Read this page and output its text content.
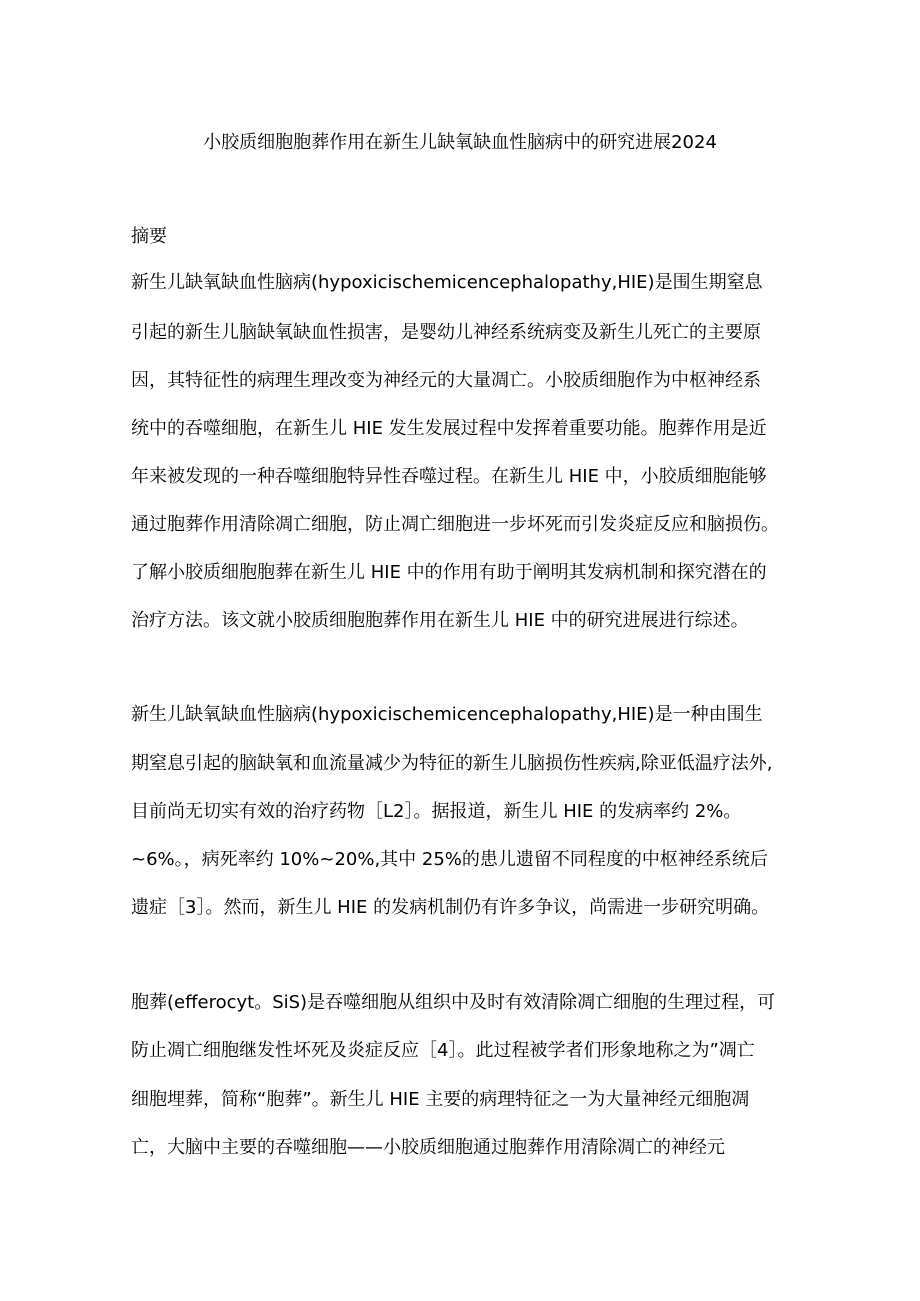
小胶质细胞胞葬作用在新生儿缺氧缺血性脑病中的研究进展2024
摘要
新生儿缺氧缺血性脑病(hypoxicischemicencephalopathy,HIE)是围生期窒息
引起的新生儿脑缺氧缺血性损害，是婴幼儿神经系统病变及新生儿死亡的主要原
因，其特征性的病理生理改变为神经元的大量凋亡。小胶质细胞作为中枢神经系
统中的吞噬细胞，在新生儿 HIE 发生发展过程中发挥着重要功能。胞葬作用是近
年来被发现的一种吞噬细胞特异性吞噬过程。在新生儿 HIE 中，小胶质细胞能够
通过胞葬作用清除凋亡细胞，防止凋亡细胞进一步坏死而引发炎症反应和脑损伤。
了解小胶质细胞胞葬在新生儿 HIE 中的作用有助于阐明其发病机制和探究潜在的
治疗方法。该文就小胶质细胞胞葬作用在新生儿 HIE 中的研究进展进行综述。
新生儿缺氧缺血性脑病(hypoxicischemicencephalopathy,HIE)是一种由围生
期窒息引起的脑缺氧和血流量减少为特征的新生儿脑损伤性疾病,除亚低温疗法外,
目前尚无切实有效的治疗药物［L2］。据报道，新生儿 HIE 的发病率约 2%。
~6%。，病死率约 10%~20%,其中 25%的患儿遗留不同程度的中枢神经系统后
遗症［3］。然而，新生儿 HIE 的发病机制仍有许多争议，尚需进一步研究明确。
胞葬(efferocyt。SiS)是吞噬细胞从组织中及时有效清除凋亡细胞的生理过程，可
防止凋亡细胞继发性坏死及炎症反应［4］。此过程被学者们形象地称之为”凋亡
细胞埋葬，简称“胞葬”。新生儿 HIE 主要的病理特征之一为大量神经元细胞凋
亡，大脑中主要的吞噬细胞——小胶质细胞通过胞葬作用清除凋亡的神经元
